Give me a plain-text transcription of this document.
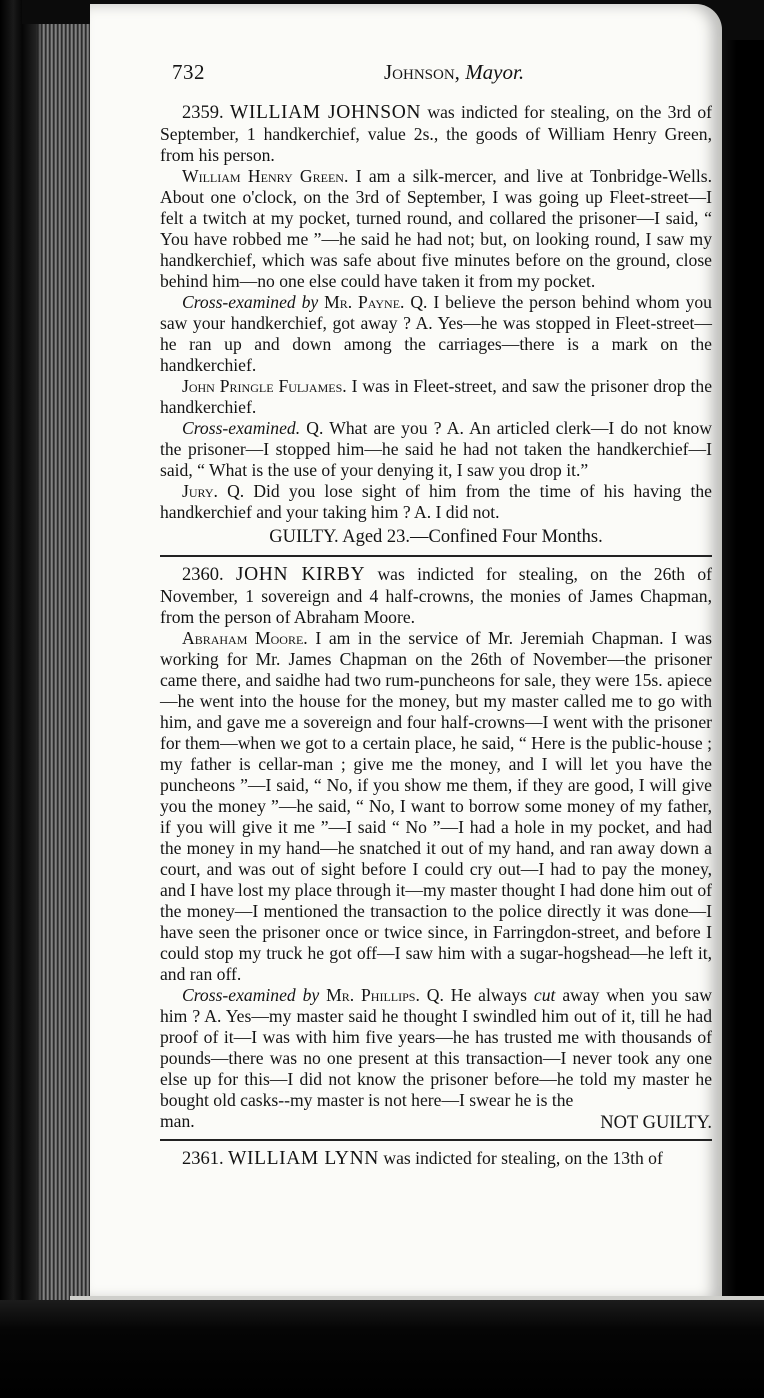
732	Johnson, Mayor.

2359. WILLIAM JOHNSON was indicted for stealing, on the 3rd of September, 1 handkerchief, value 2s., the goods of William Henry Green, from his person.

William Henry Green. I am a silk-mercer, and live at Tonbridge-Wells. About one o'clock, on the 3rd of September, I was going up Fleet-street—I felt a twitch at my pocket, turned round, and collared the prisoner—I said, “ You have robbed me ”—he said he had not; but, on looking round, I saw my handkerchief, which was safe about five minutes before on the ground, close behind him—no one else could have taken it from my pocket.

Cross-examined by Mr. Payne. Q. I believe the person behind whom you saw your handkerchief, got away ? A. Yes—he was stopped in Fleet-street—he ran up and down among the carriages—there is a mark on the handkerchief.

John Pringle Fuljames. I was in Fleet-street, and saw the prisoner drop the handkerchief.

Cross-examined. Q. What are you ? A. An articled clerk—I do not know the prisoner—I stopped him—he said he had not taken the handkerchief—I said, “ What is the use of your denying it, I saw you drop it.”

Jury. Q. Did you lose sight of him from the time of his having the handkerchief and your taking him ? A. I did not.

GUILTY. Aged 23.—Confined Four Months.

2360. JOHN KIRBY was indicted for stealing, on the 26th of November, 1 sovereign and 4 half-crowns, the monies of James Chapman, from the person of Abraham Moore.

Abraham Moore. I am in the service of Mr. Jeremiah Chapman. I was working for Mr. James Chapman on the 26th of November—the prisoner came there, and saidhe had two rum-puncheons for sale, they were 15s. apiece—he went into the house for the money, but my master called me to go with him, and gave me a sovereign and four half-crowns—I went with the prisoner for them—when we got to a certain place, he said, “ Here is the public-house ; my father is cellar-man ; give me the money, and I will let you have the puncheons ”—I said, “ No, if you show me them, if they are good, I will give you the money ”—he said, “ No, I want to borrow some money of my father, if you will give it me ”—I said “ No ”—I had a hole in my pocket, and had the money in my hand—he snatched it out of my hand, and ran away down a court, and was out of sight before I could cry out—I had to pay the money, and I have lost my place through it—my master thought I had done him out of the money—I mentioned the transaction to the police directly it was done—I have seen the prisoner once or twice since, in Farringdon-street, and before I could stop my truck he got off—I saw him with a sugar-hogshead—he left it, and ran off.

Cross-examined by Mr. Phillips. Q. He always cut away when you saw him ? A. Yes—my master said he thought I swindled him out of it, till he had proof of it—I was with him five years—he has trusted me with thousands of pounds—there was no one present at this transaction—I never took any one else up for this—I did not know the prisoner before—he told my master he bought old casks--my master is not here—I swear he is the

man.	NOT GUILTY.

2361. WILLIAM LYNN was indicted for stealing, on the 13th of
